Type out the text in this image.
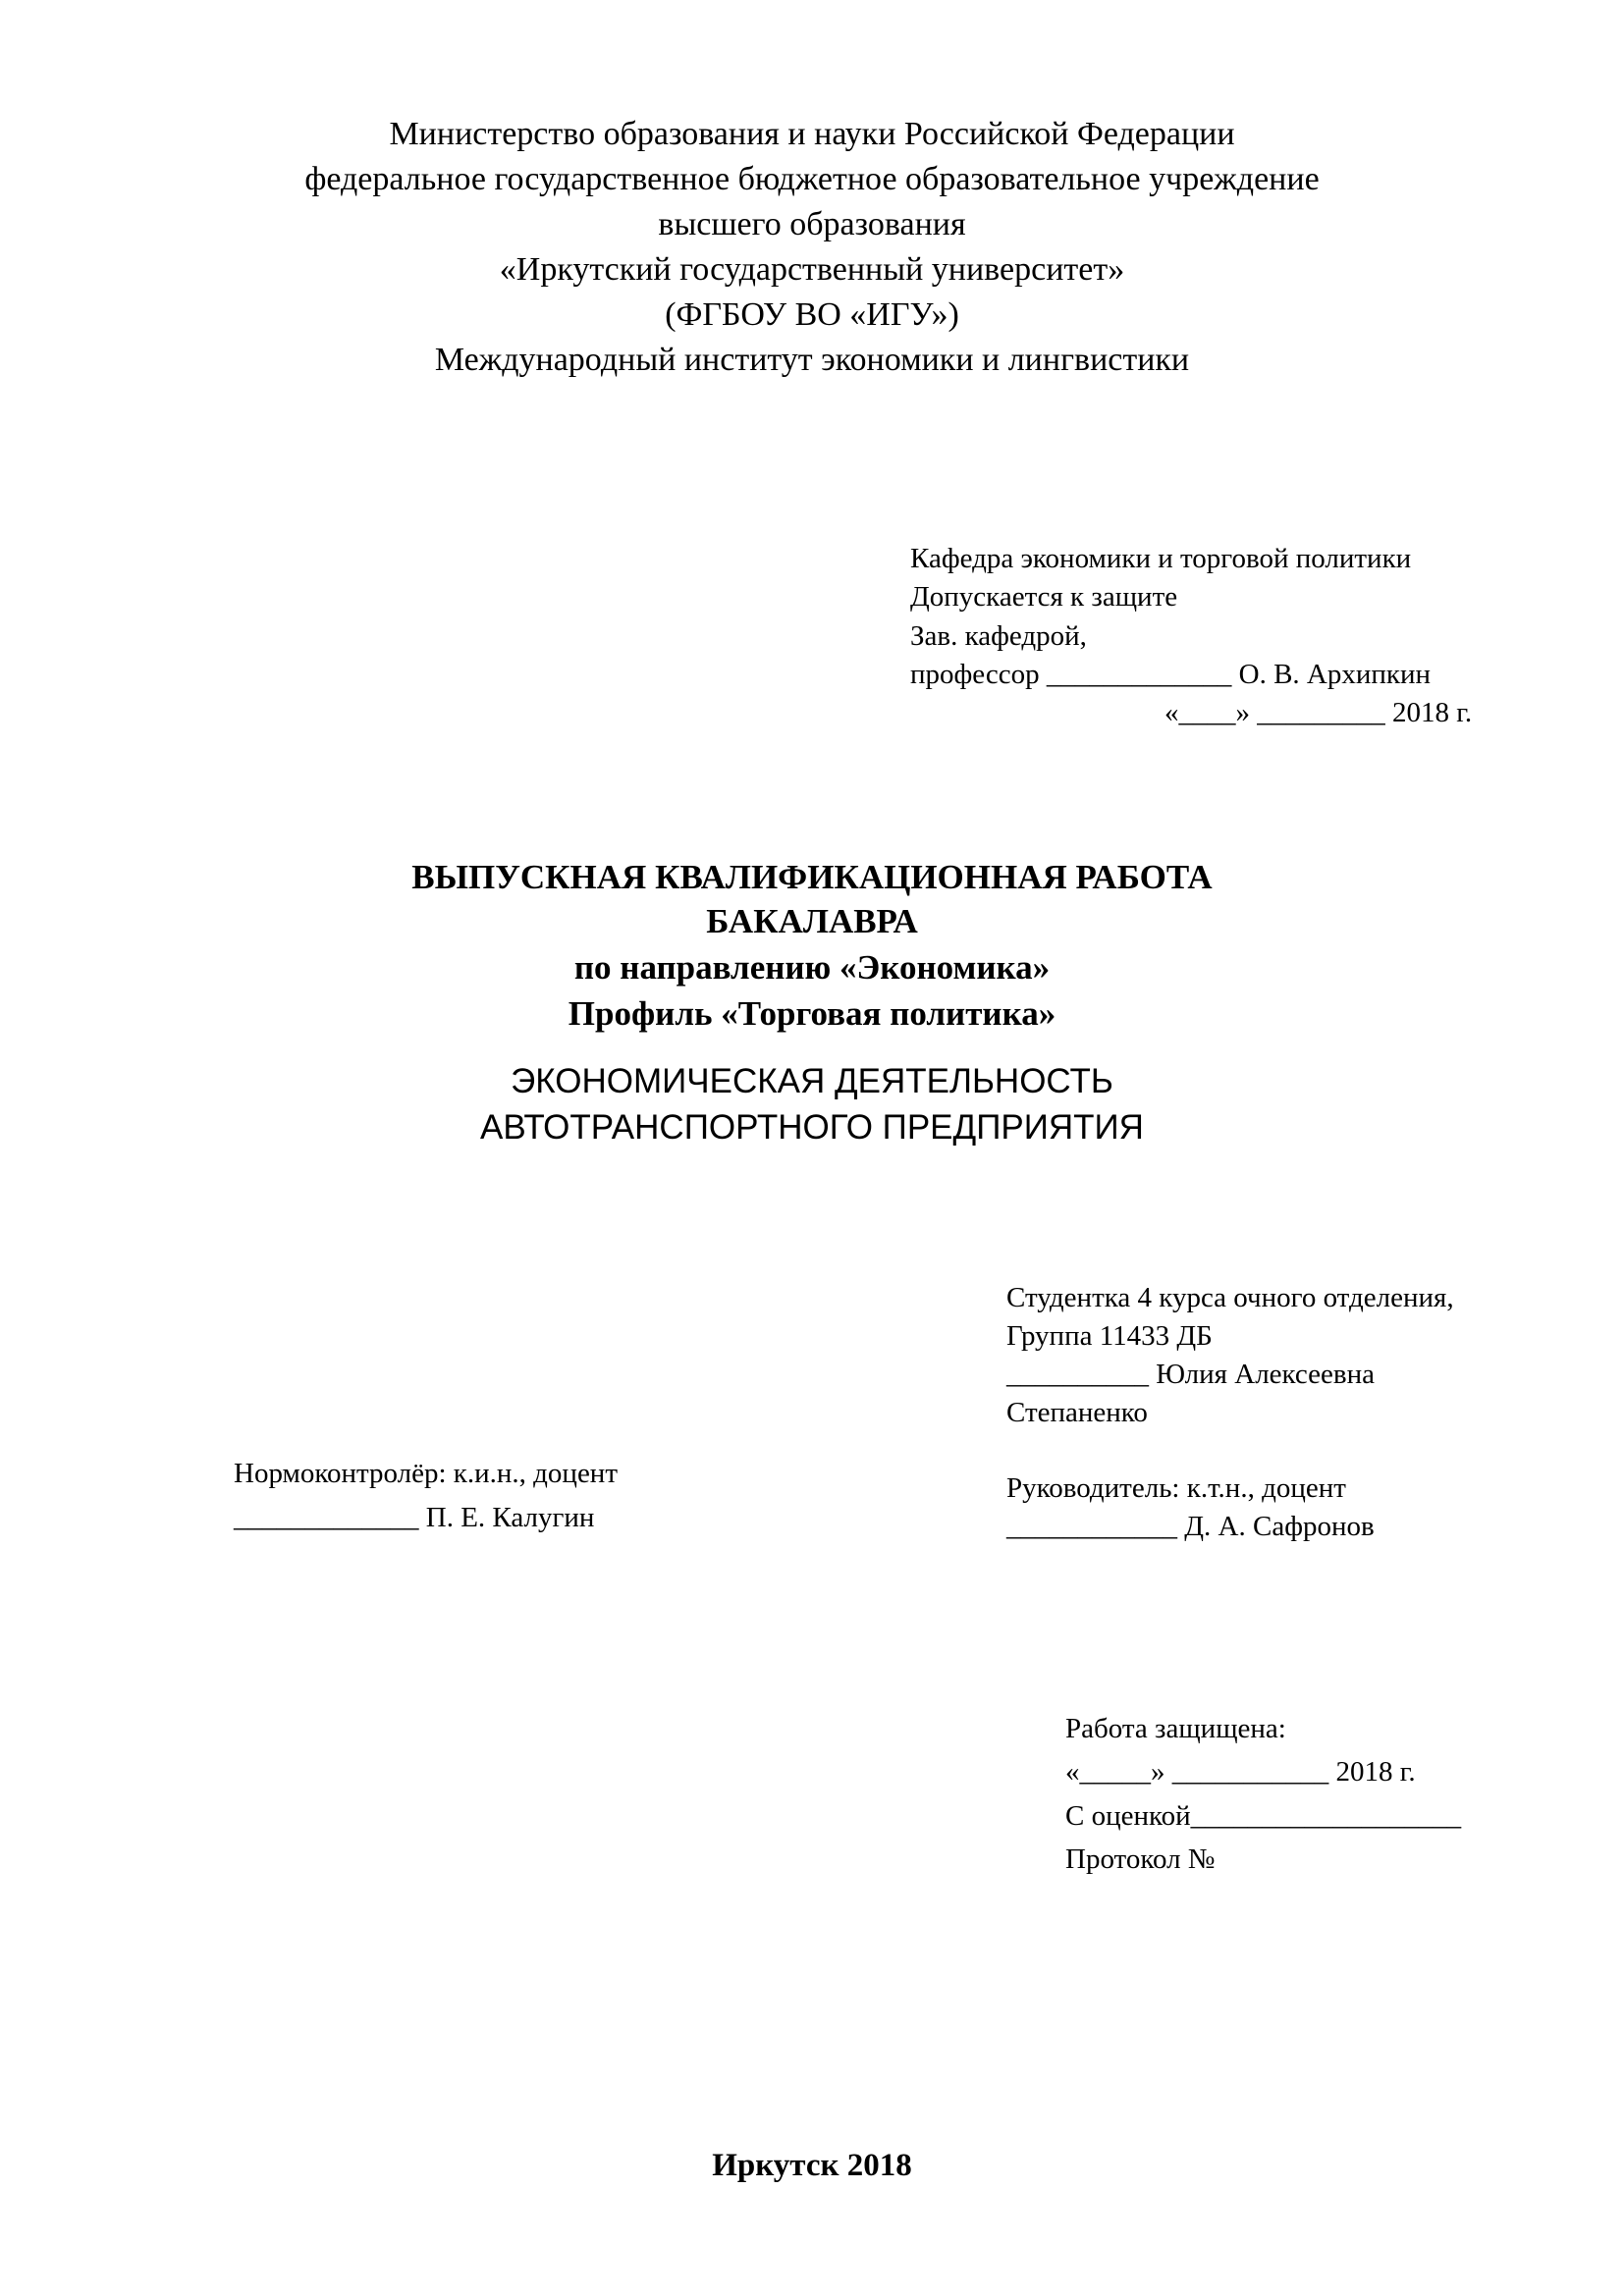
Министерство образования и науки Российской Федерации
федеральное государственное бюджетное образовательное учреждение
высшего образования
«Иркутский государственный университет»
(ФГБОУ ВО «ИГУ»)
Международный институт экономики и лингвистики
Кафедра экономики и торговой политики
Допускается к защите
Зав. кафедрой,
профессор _____________ О. В. Архипкин
«____» _________ 2018 г.
ВЫПУСКНАЯ КВАЛИФИКАЦИОННАЯ РАБОТА
БАКАЛАВРА
по направлению «Экономика»
Профиль «Торговая политика»
ЭКОНОМИЧЕСКАЯ ДЕЯТЕЛЬНОСТЬ
АВТОТРАНСПОРТНОГО ПРЕДПРИЯТИЯ
Студентка 4 курса очного отделения,
Группа 11433 ДБ
__________ Юлия Алексеевна
Степаненко
Нормоконтролёр: к.и.н., доцент
_____________ П. Е. Калугин
Руководитель: к.т.н., доцент
____________ Д. А. Сафронов
Работа защищена:
«_____» ___________ 2018 г.
С оценкой___________________
Протокол №
Иркутск 2018
